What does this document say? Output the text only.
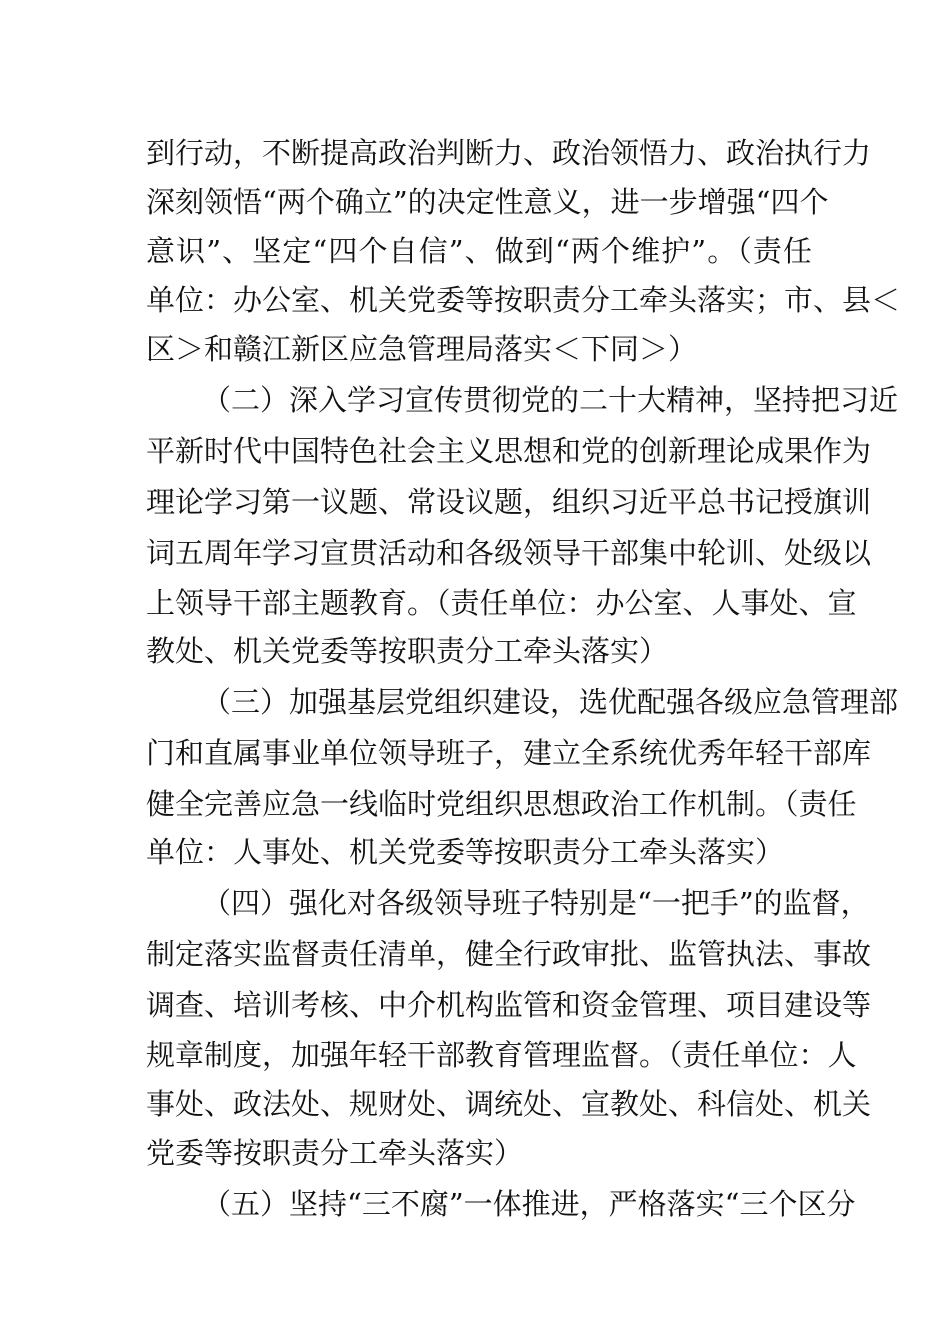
到行动，不断提高政治判断力、政治领悟力、政治执行力
深刻领悟“两个确立”的决定性意义，进一步增强“四个
意识”、坚定“四个自信”、做到“两个维护”。（责任
单位：办公室、机关党委等按职责分工牵头落实；市、县＜
区＞和赣江新区应急管理局落实＜下同＞）
（二）深入学习宣传贯彻党的二十大精神，坚持把习近
平新时代中国特色社会主义思想和党的创新理论成果作为
理论学习第一议题、常设议题，组织习近平总书记授旗训
词五周年学习宣贯活动和各级领导干部集中轮训、处级以
上领导干部主题教育。（责任单位：办公室、人事处、宣
教处、机关党委等按职责分工牵头落实）
（三）加强基层党组织建设，选优配强各级应急管理部
门和直属事业单位领导班子，建立全系统优秀年轻干部库
健全完善应急一线临时党组织思想政治工作机制。（责任
单位：人事处、机关党委等按职责分工牵头落实）
（四）强化对各级领导班子特别是“一把手”的监督，
制定落实监督责任清单，健全行政审批、监管执法、事故
调查、培训考核、中介机构监管和资金管理、项目建设等
规章制度，加强年轻干部教育管理监督。（责任单位：人
事处、政法处、规财处、调统处、宣教处、科信处、机关
党委等按职责分工牵头落实）
（五）坚持“三不腐”一体推进，严格落实“三个区分
